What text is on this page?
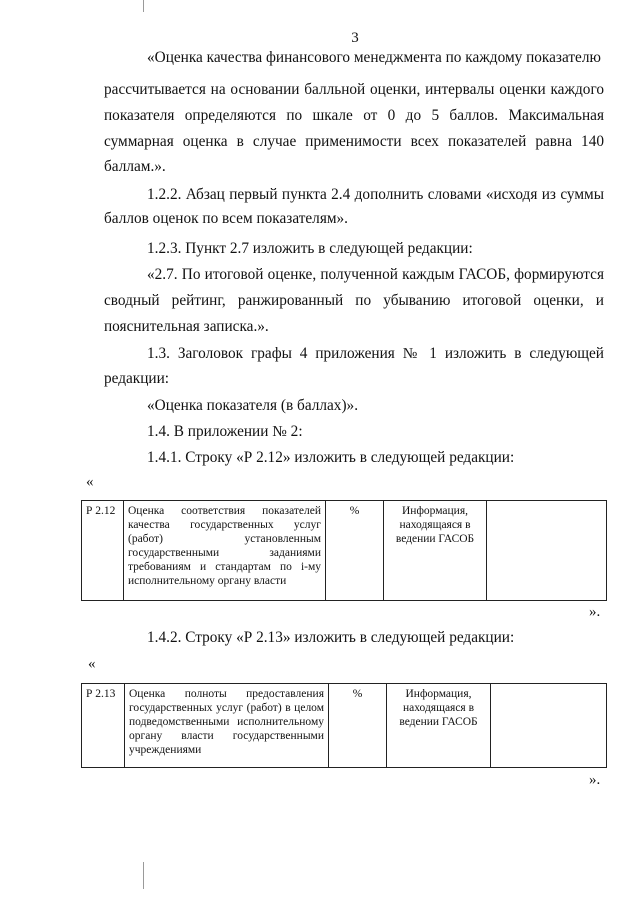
3
«Оценка качества финансового менеджмента по каждому показателю
рассчитывается на основании балльной оценки, интервалы оценки каждого
показателя определяются по шкале от 0 до 5 баллов. Максимальная
суммарная оценка в случае применимости всех показателей равна 140
баллам.».
1.2.2. Абзац первый пункта 2.4 дополнить словами «исходя из суммы
баллов оценок по всем показателям».
1.2.3. Пункт 2.7 изложить в следующей редакции:
«2.7. По итоговой оценке, полученной каждым ГАСОБ, формируются
сводный рейтинг, ранжированный по убыванию итоговой оценки, и
пояснительная записка.».
1.3. Заголовок графы 4 приложения № 1 изложить в следующей
редакции:
«Оценка показателя (в баллах)».
1.4. В приложении № 2:
1.4.1. Строку «Р 2.12» изложить в следующей редакции:
«
Р 2.12	Оценка соответствия показателей качества государственных услуг (работ) установленным государственными заданиями требованиям и стандартам по i-му исполнительному органу власти	%	Информация, находящаяся в ведении ГАСОБ	
».
1.4.2. Строку «Р 2.13» изложить в следующей редакции:
«
Р 2.13	Оценка полноты предоставления государственных услуг (работ) в целом подведомственными исполнительному органу власти государственными учреждениями	%	Информация, находящаяся в ведении ГАСОБ	
».
